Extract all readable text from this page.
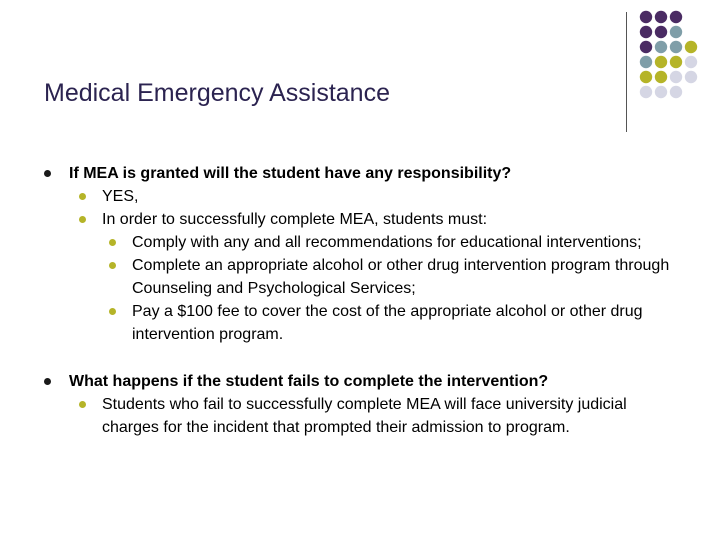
Medical Emergency Assistance
If MEA is granted will the student have any responsibility?
YES,
In order to successfully complete MEA, students must:
Comply with any and all recommendations for educational interventions;
Complete an appropriate alcohol or other drug intervention program through Counseling and Psychological Services;
Pay a $100 fee to cover the cost of the appropriate alcohol or other drug intervention program.
What happens if the student fails to complete the intervention?
Students who fail to successfully complete MEA will face university judicial charges for the incident that prompted their admission to program.
